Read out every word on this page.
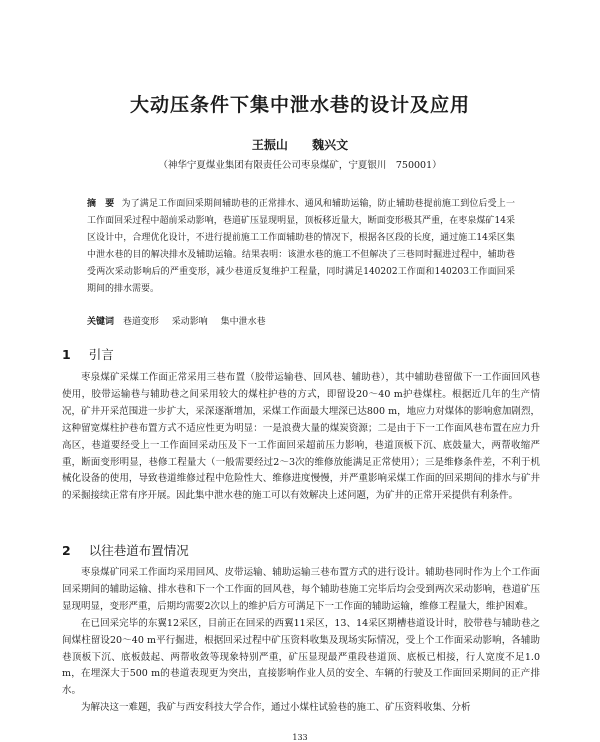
大动压条件下集中泄水巷的设计及应用
王振山 魏兴文
（神华宁夏煤业集团有限责任公司枣泉煤矿，宁夏银川　750001）
摘　要 为了满足工作面回采期间辅助巷的正常排水、通风和辅助运输，防止辅助巷提前施工到位后受上一工作面回采过程中超前采动影响，巷道矿压显现明显，顶板移近量大，断面变形极其严重，在枣泉煤矿14采区设计中，合理优化设计，不进行提前施工工作面辅助巷的情况下，根据各区段的长度，通过施工14采区集中泄水巷的目的解决排水及辅助运输。结果表明：该泄水巷的施工不但解决了三巷同时掘进过程中，辅助巷受两次采动影响后的严重变形，减少巷道反复维护工程量，同时满足140202工作面和140203工作面回采期间的排水需要。
关键词 巷道变形 采动影响 集中泄水巷
1 引言

枣泉煤矿采煤工作面正常采用三巷布置（胶带运输巷、回风巷、辅助巷），其中辅助巷留做下一工作面回风巷使用，胶带运输巷与辅助巷之间采用较大的煤柱护巷的方式，即留设20～40 m护巷煤柱。根据近几年的生产情况，矿井开采范围进一步扩大，采深逐渐增加，采煤工作面最大埋深已达800 m，地应力对煤体的影响愈加剧烈，这种留宽煤柱护巷布置方式不适应性更为明显：一是浪费大量的煤炭资源；二是由于下一工作面风巷布置在应力升高区，巷道要经受上一工作面回采动压及下一工作面回采超前压力影响，巷道顶板下沉、底鼓量大，两帮收缩严重，断面变形明显，巷修工程量大（一般需要经过2～3次的维修放能满足正常使用）；三是维修条件差，不利于机械化设备的使用，导致巷道维修过程中危险性大、维修进度慢慢，并严重影响采煤工作面的回采期间的排水与矿井的采掘接续正常有序开展。因此集中泄水巷的施工可以有效解决上述问题，为矿井的正常开采提供有利条件。

2 以往巷道布置情况

枣泉煤矿同采工作面均采用回风、皮带运输、辅助运输三巷布置方式的进行设计。辅助巷同时作为上个工作面回采期间的辅助运输、排水巷和下一个工作面的回风巷，每个辅助巷施工完毕后均会受到两次采动影响，巷道矿压显现明显，变形严重，后期均需要2次以上的维护后方可满足下一工作面的辅助运输，维修工程量大，维护困难。

在已回采完毕的东翼12采区，目前正在回采的西翼11采区，13、14采区期槽巷道设计时，胶带巷与辅助巷之间煤柱留设20～40 m平行掘进，根据回采过程中矿压资料收集及现场实际情况，受上个工作面采动影响，各辅助巷顶板下沉、底板鼓起、两帮收敛等现象特别严重，矿压显现最严重段巷道顶、底板已相接，行人宽度不足1.0 m，在埋深大于500 m的巷道表现更为突出，直接影响作业人员的安全、车辆的行驶及工作面回采期间的正产排水。

为解决这一难题，我矿与西安科技大学合作，通过小煤柱试验巷的施工、矿压资料收集、分析

133
